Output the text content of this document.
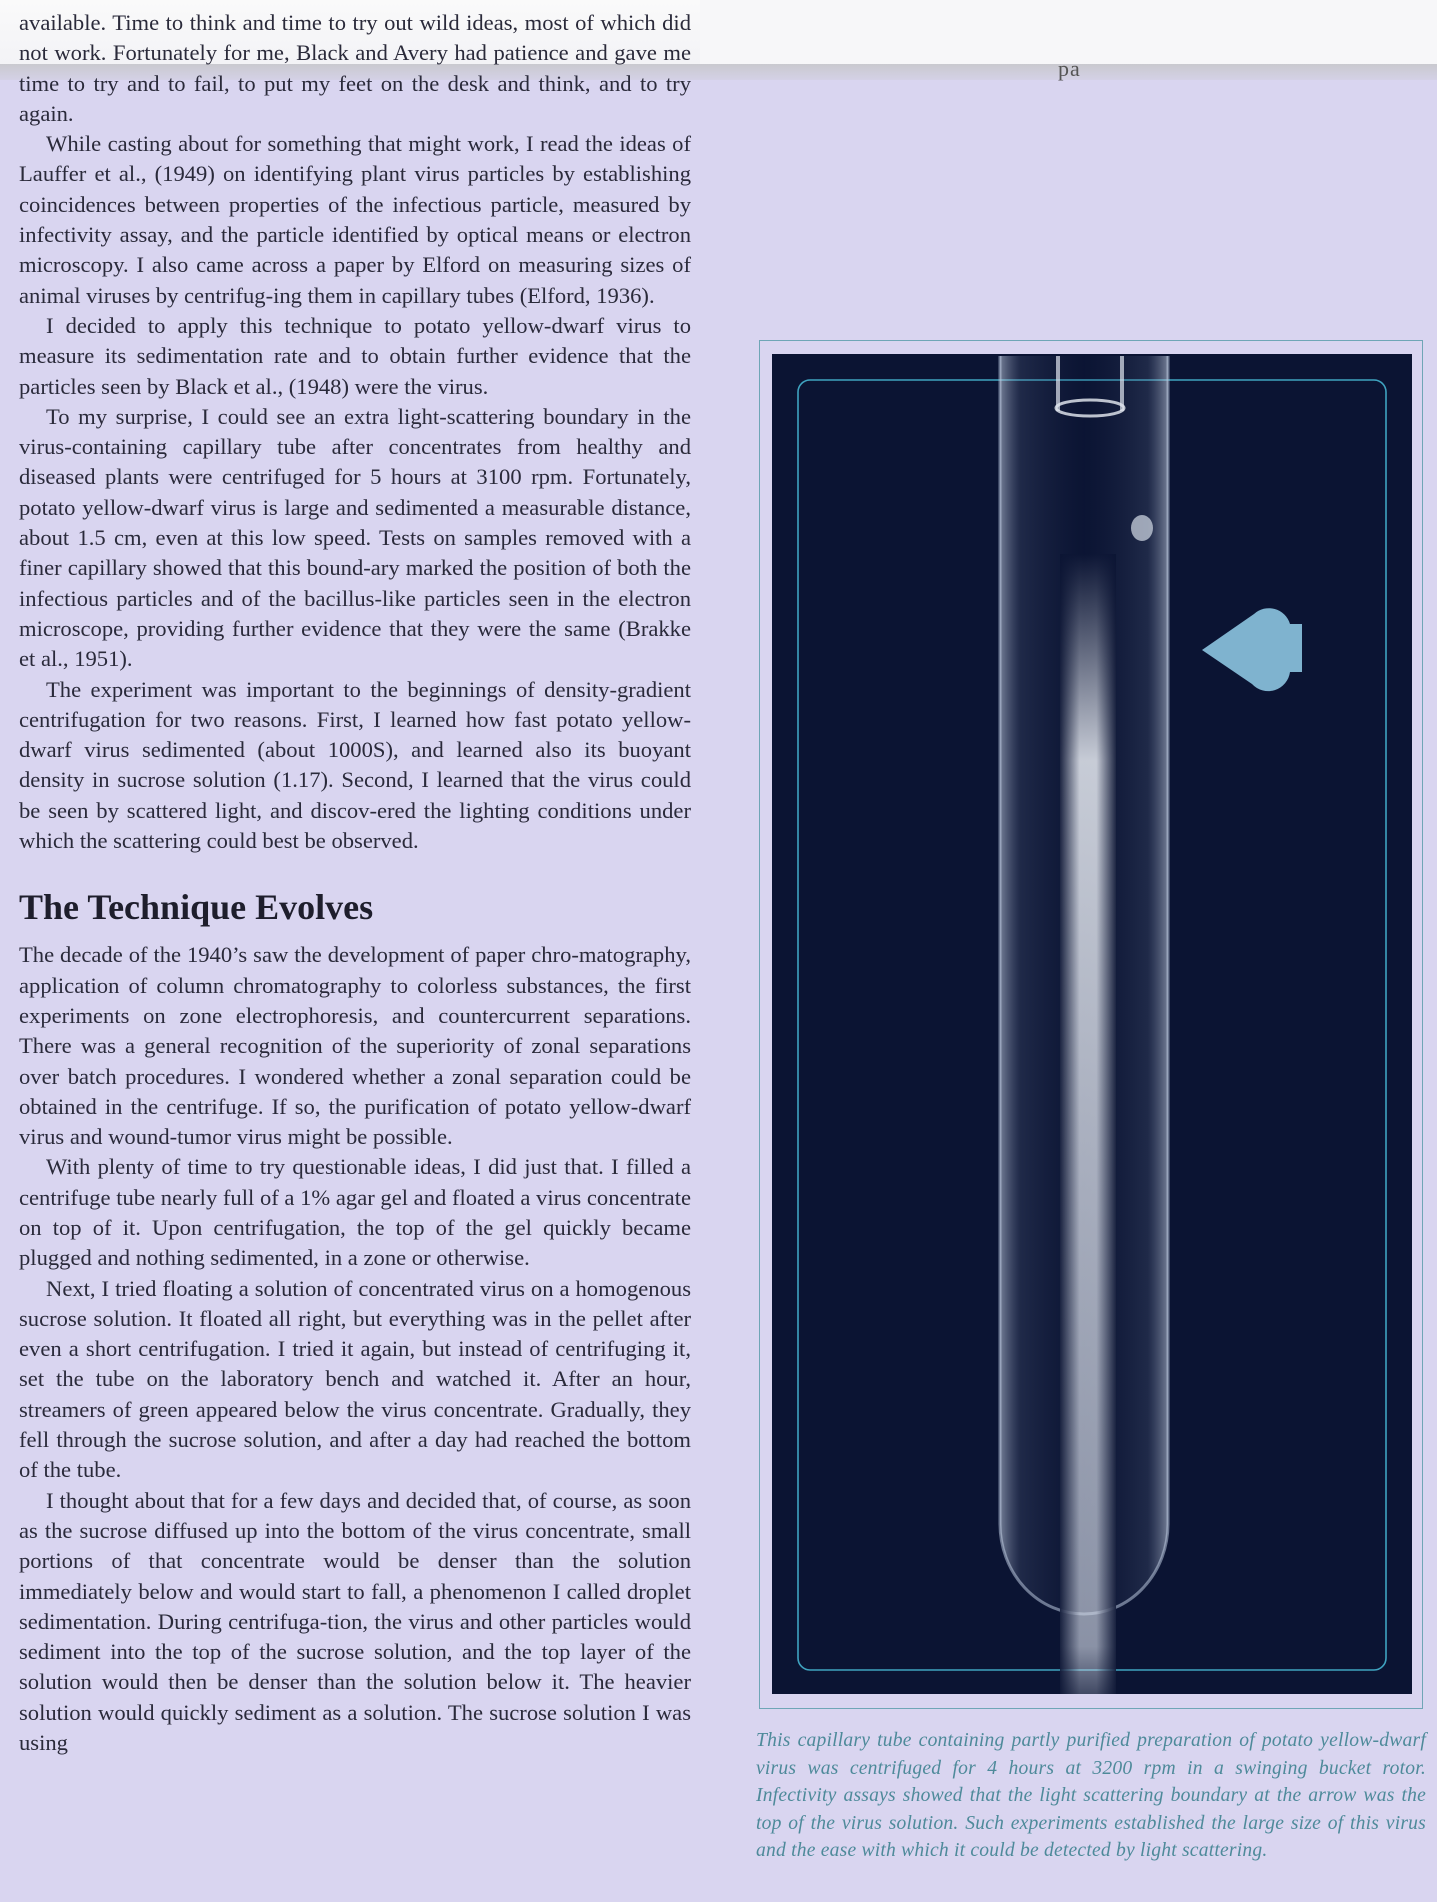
pa

available. Time to think and time to try out wild ideas, most of which did not work. Fortunately for me, Black and Avery had patience and gave me time to try and to fail, to put my feet on the desk and think, and to try again.

While casting about for something that might work, I read the ideas of Lauffer et al., (1949) on identifying plant virus particles by establishing coincidences between properties of the infectious particle, measured by infectivity assay, and the particle identified by optical means or electron microscopy. I also came across a paper by Elford on measuring sizes of animal viruses by centrifug-ing them in capillary tubes (Elford, 1936).

I decided to apply this technique to potato yellow-dwarf virus to measure its sedimentation rate and to obtain further evidence that the particles seen by Black et al., (1948) were the virus.

To my surprise, I could see an extra light-scattering boundary in the virus-containing capillary tube after concentrates from healthy and diseased plants were centrifuged for 5 hours at 3100 rpm. Fortunately, potato yellow-dwarf virus is large and sedimented a measurable distance, about 1.5 cm, even at this low speed. Tests on samples removed with a finer capillary showed that this bound-ary marked the position of both the infectious particles and of the bacillus-like particles seen in the electron microscope, providing further evidence that they were the same (Brakke et al., 1951).

The experiment was important to the beginnings of density-gradient centrifugation for two reasons. First, I learned how fast potato yellow-dwarf virus sedimented (about 1000S), and learned also its buoyant density in sucrose solution (1.17). Second, I learned that the virus could be seen by scattered light, and discov-ered the lighting conditions under which the scattering could best be observed.

The Technique Evolves

The decade of the 1940’s saw the development of paper chro-matography, application of column chromatography to colorless substances, the first experiments on zone electrophoresis, and countercurrent separations. There was a general recognition of the superiority of zonal separations over batch procedures. I wondered whether a zonal separation could be obtained in the centrifuge. If so, the purification of potato yellow-dwarf virus and wound-tumor virus might be possible.

With plenty of time to try questionable ideas, I did just that. I filled a centrifuge tube nearly full of a 1% agar gel and floated a virus concentrate on top of it. Upon centrifugation, the top of the gel quickly became plugged and nothing sedimented, in a zone or otherwise.

Next, I tried floating a solution of concentrated virus on a homogenous sucrose solution. It floated all right, but everything was in the pellet after even a short centrifugation. I tried it again, but instead of centrifuging it, set the tube on the laboratory bench and watched it. After an hour, streamers of green appeared below the virus concentrate. Gradually, they fell through the sucrose solution, and after a day had reached the bottom of the tube.

I thought about that for a few days and decided that, of course, as soon as the sucrose diffused up into the bottom of the virus concentrate, small portions of that concentrate would be denser than the solution immediately below and would start to fall, a phenomenon I called droplet sedimentation. During centrifuga-tion, the virus and other particles would sediment into the top of the sucrose solution, and the top layer of the solution would then be denser than the solution below it. The heavier solution would quickly sediment as a solution. The sucrose solution I was using	This capillary tube containing partly purified preparation of potato yellow-dwarf virus was centrifuged for 4 hours at 3200 rpm in a swinging bucket rotor. Infectivity assays showed that the light scattering boundary at the arrow was the top of the virus solution. Such experiments established the large size of this virus and the ease with which it could be detected by light scattering.
